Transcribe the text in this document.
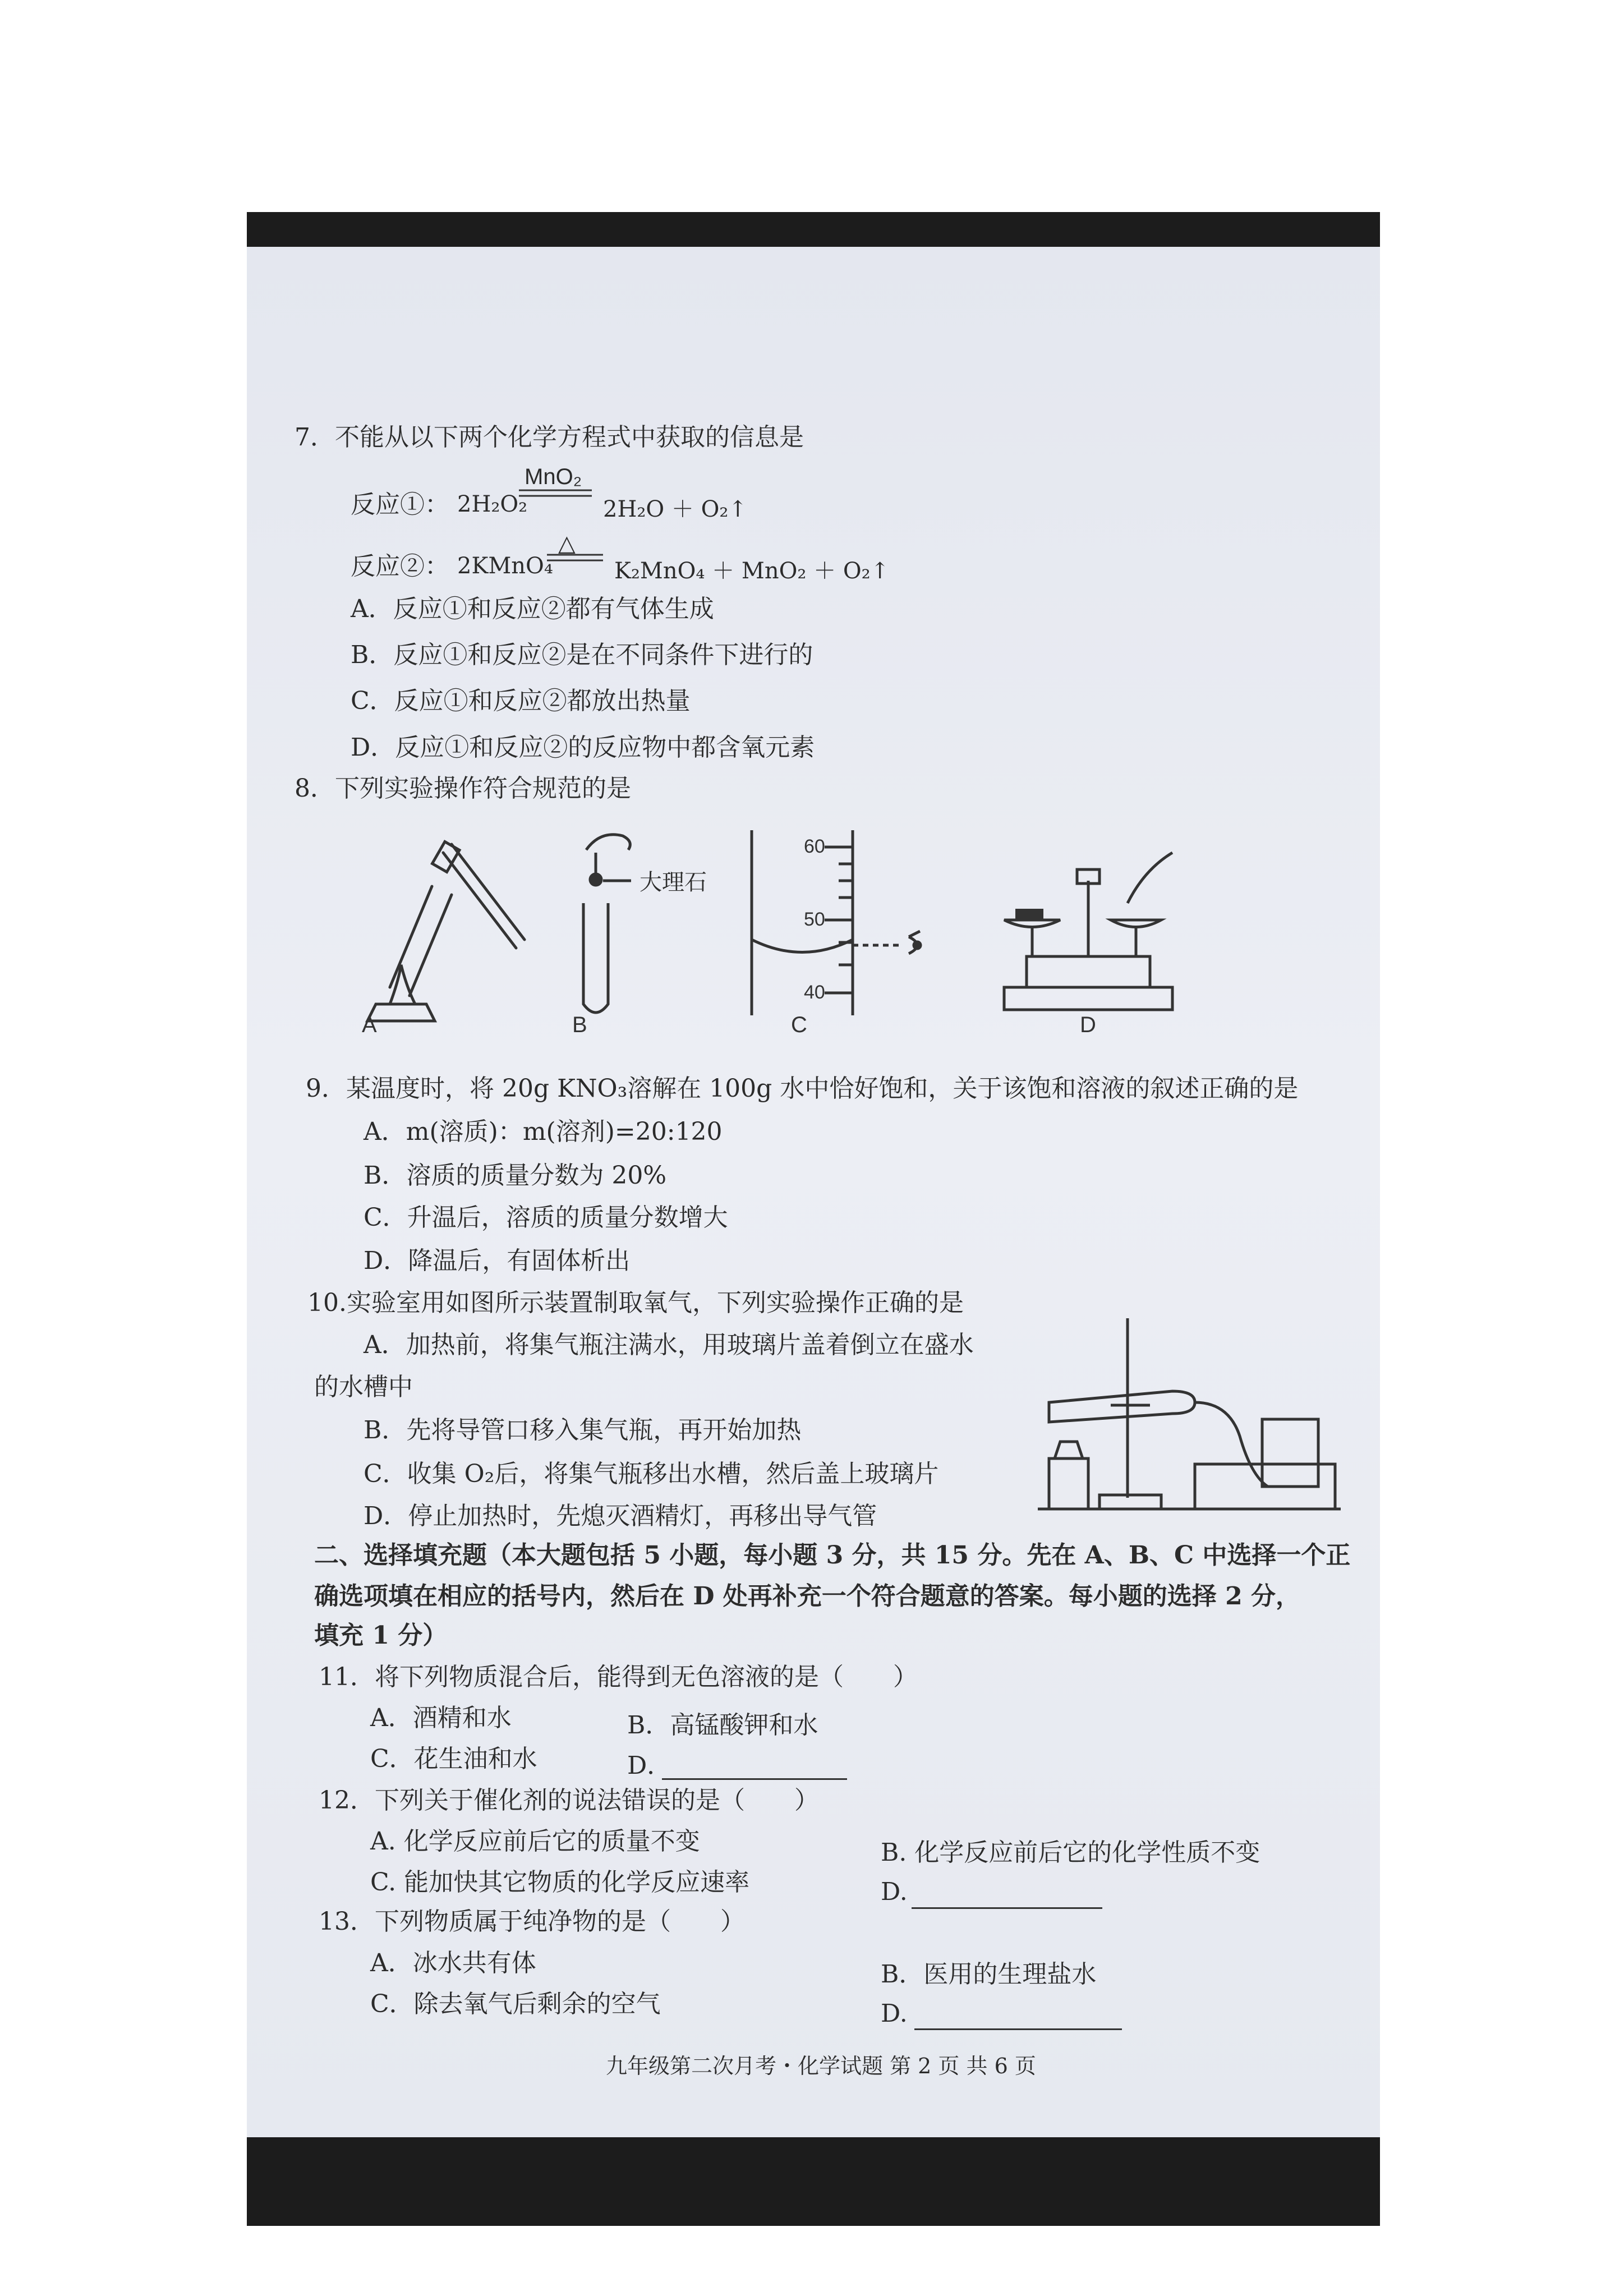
7．不能从以下两个化学方程式中获取的信息是
反应①： 2H₂O₂
MnO₂
2H₂O ＋ O₂↑
反应②： 2KMnO₄
△
K₂MnO₄ ＋ MnO₂ ＋ O₂↑
A．反应①和反应②都有气体生成
B．反应①和反应②是在不同条件下进行的
C．反应①和反应②都放出热量
D．反应①和反应②的反应物中都含氧元素
8．下列实验操作符合规范的是
A	B
大理石
60
50
40
C	D
9．某温度时，将 20g KNO₃溶解在 100g 水中恰好饱和，关于该饱和溶液的叙述正确的是
A．m(溶质)：m(溶剂)=20:120
B．溶质的质量分数为 20%
C．升温后，溶质的质量分数增大
D．降温后，有固体析出
10.实验室用如图所示装置制取氧气，下列实验操作正确的是
A．加热前，将集气瓶注满水，用玻璃片盖着倒立在盛水
的水槽中
B．先将导管口移入集气瓶，再开始加热
C．收集 O₂后，将集气瓶移出水槽，然后盖上玻璃片
D．停止加热时，先熄灭酒精灯，再移出导气管
二、选择填充题（本大题包括 5 小题，每小题 3 分，共 15 分。先在 A、B、C 中选择一个正
确选项填在相应的括号内，然后在 D 处再补充一个符合题意的答案。每小题的选择 2 分，
填充 1 分）
11．将下列物质混合后，能得到无色溶液的是（　　）
A．酒精和水	B．高锰酸钾和水
C．花生油和水	D．
12．下列关于催化剂的说法错误的是（　　）
A. 化学反应前后它的质量不变	B. 化学反应前后它的化学性质不变
C. 能加快其它物质的化学反应速率	D.
13．下列物质属于纯净物的是（　　）
A．冰水共有体	B．医用的生理盐水
C．除去氧气后剩余的空气	D.
九年级第二次月考・化学试题 第 2 页 共 6 页
